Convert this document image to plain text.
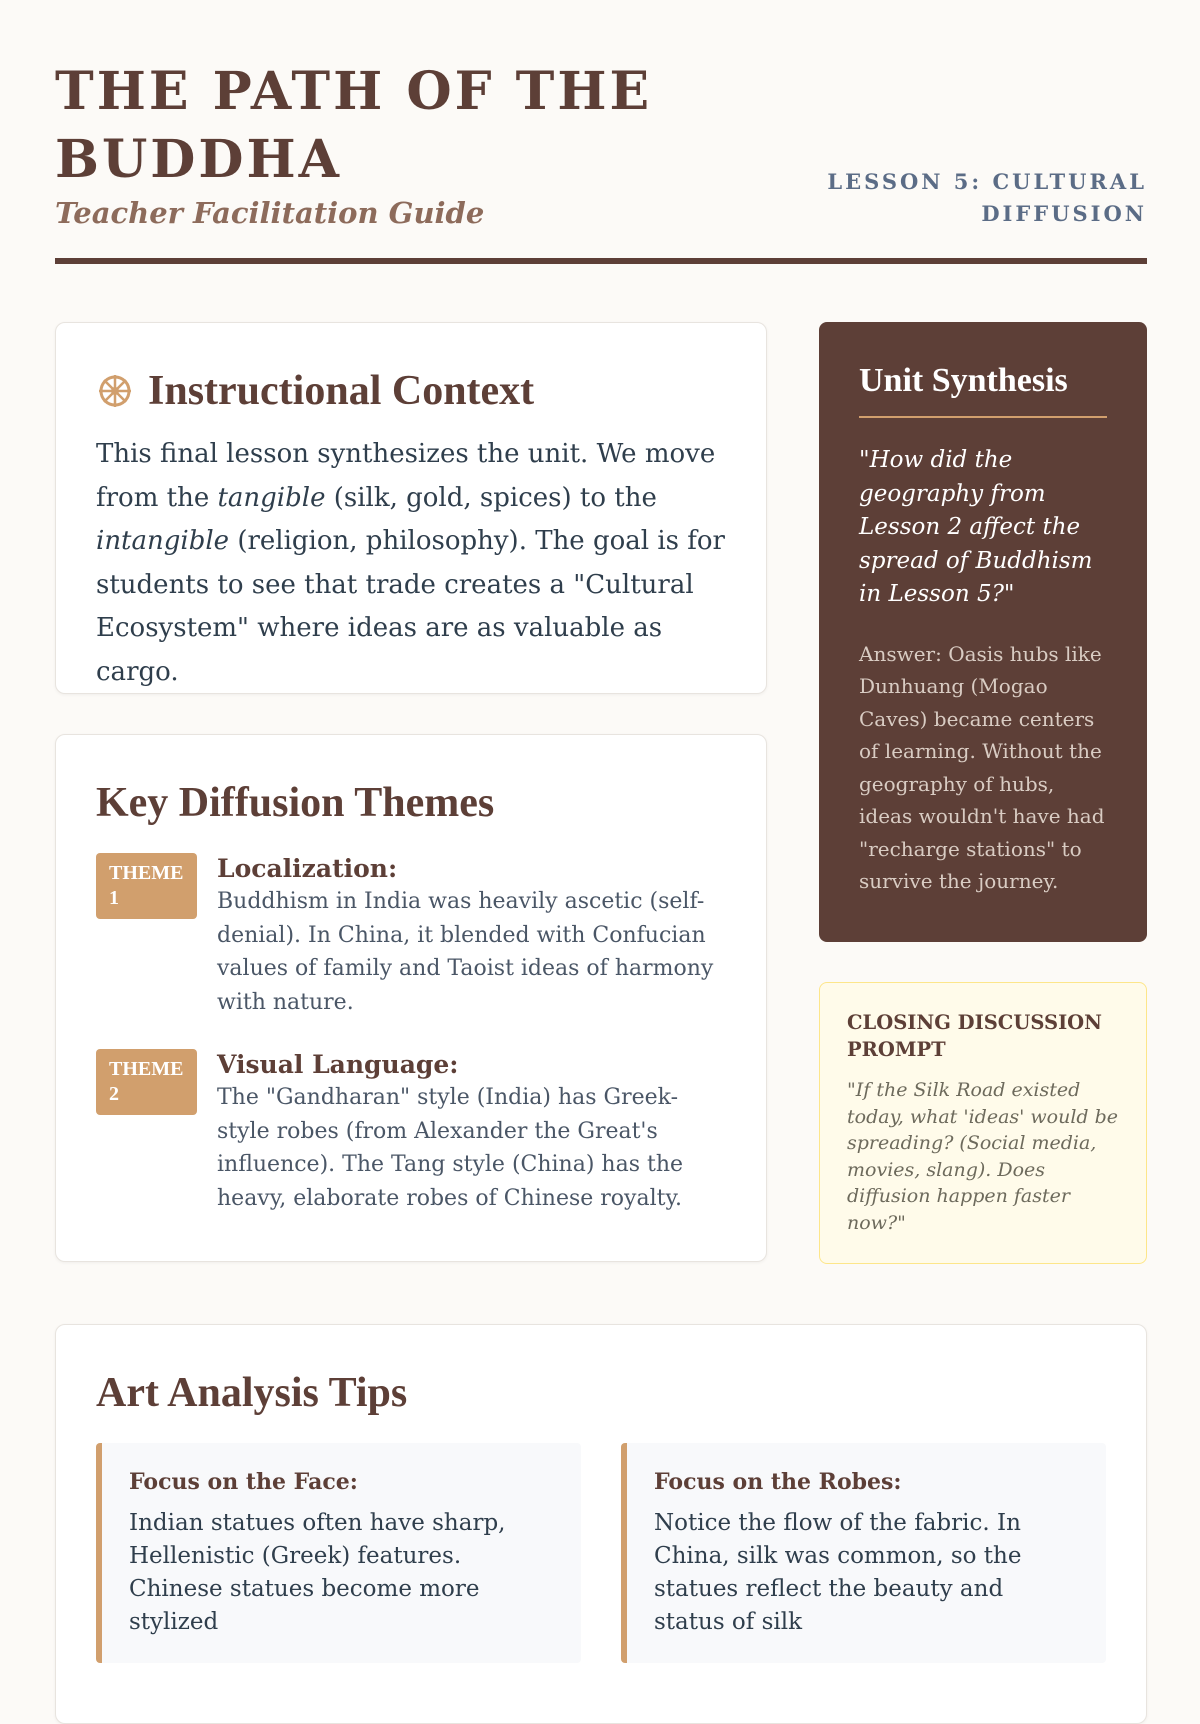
THE PATH OF THE BUDDHA
Teacher Facilitation Guide
LESSON 5: CULTURAL DIFFUSION
Instructional Context

This final lesson synthesizes the unit. We move from the tangible (silk, gold, spices) to the intangible (religion, philosophy). The goal is for students to see that trade creates a "Cultural Ecosystem" where ideas are as valuable as cargo.

Key Diffusion Themes
THEME 1
Localization:
Buddhism in India was heavily ascetic (self-denial). In China, it blended with Confucian values of family and Taoist ideas of harmony with nature.
THEME 2
Visual Language:
The "Gandharan" style (India) has Greek-style robes (from Alexander the Great's influence). The Tang style (China) has the heavy, elaborate robes of Chinese royalty.
Unit Synthesis

"How did the geography from Lesson 2 affect the spread of Buddhism in Lesson 5?"

Answer: Oasis hubs like Dunhuang (Mogao Caves) became centers of learning. Without the geography of hubs, ideas wouldn't have had "recharge stations" to survive the journey.

CLOSING DISCUSSION PROMPT

"If the Silk Road existed today, what 'ideas' would be spreading? (Social media, movies, slang). Does diffusion happen faster now?"

Art Analysis Tips
Focus on the Face:

Indian statues often have sharp, Hellenistic (Greek) features. Chinese statues become more stylized

Focus on the Robes:

Notice the flow of the fabric. In China, silk was common, so the statues reflect the beauty and status of silk
